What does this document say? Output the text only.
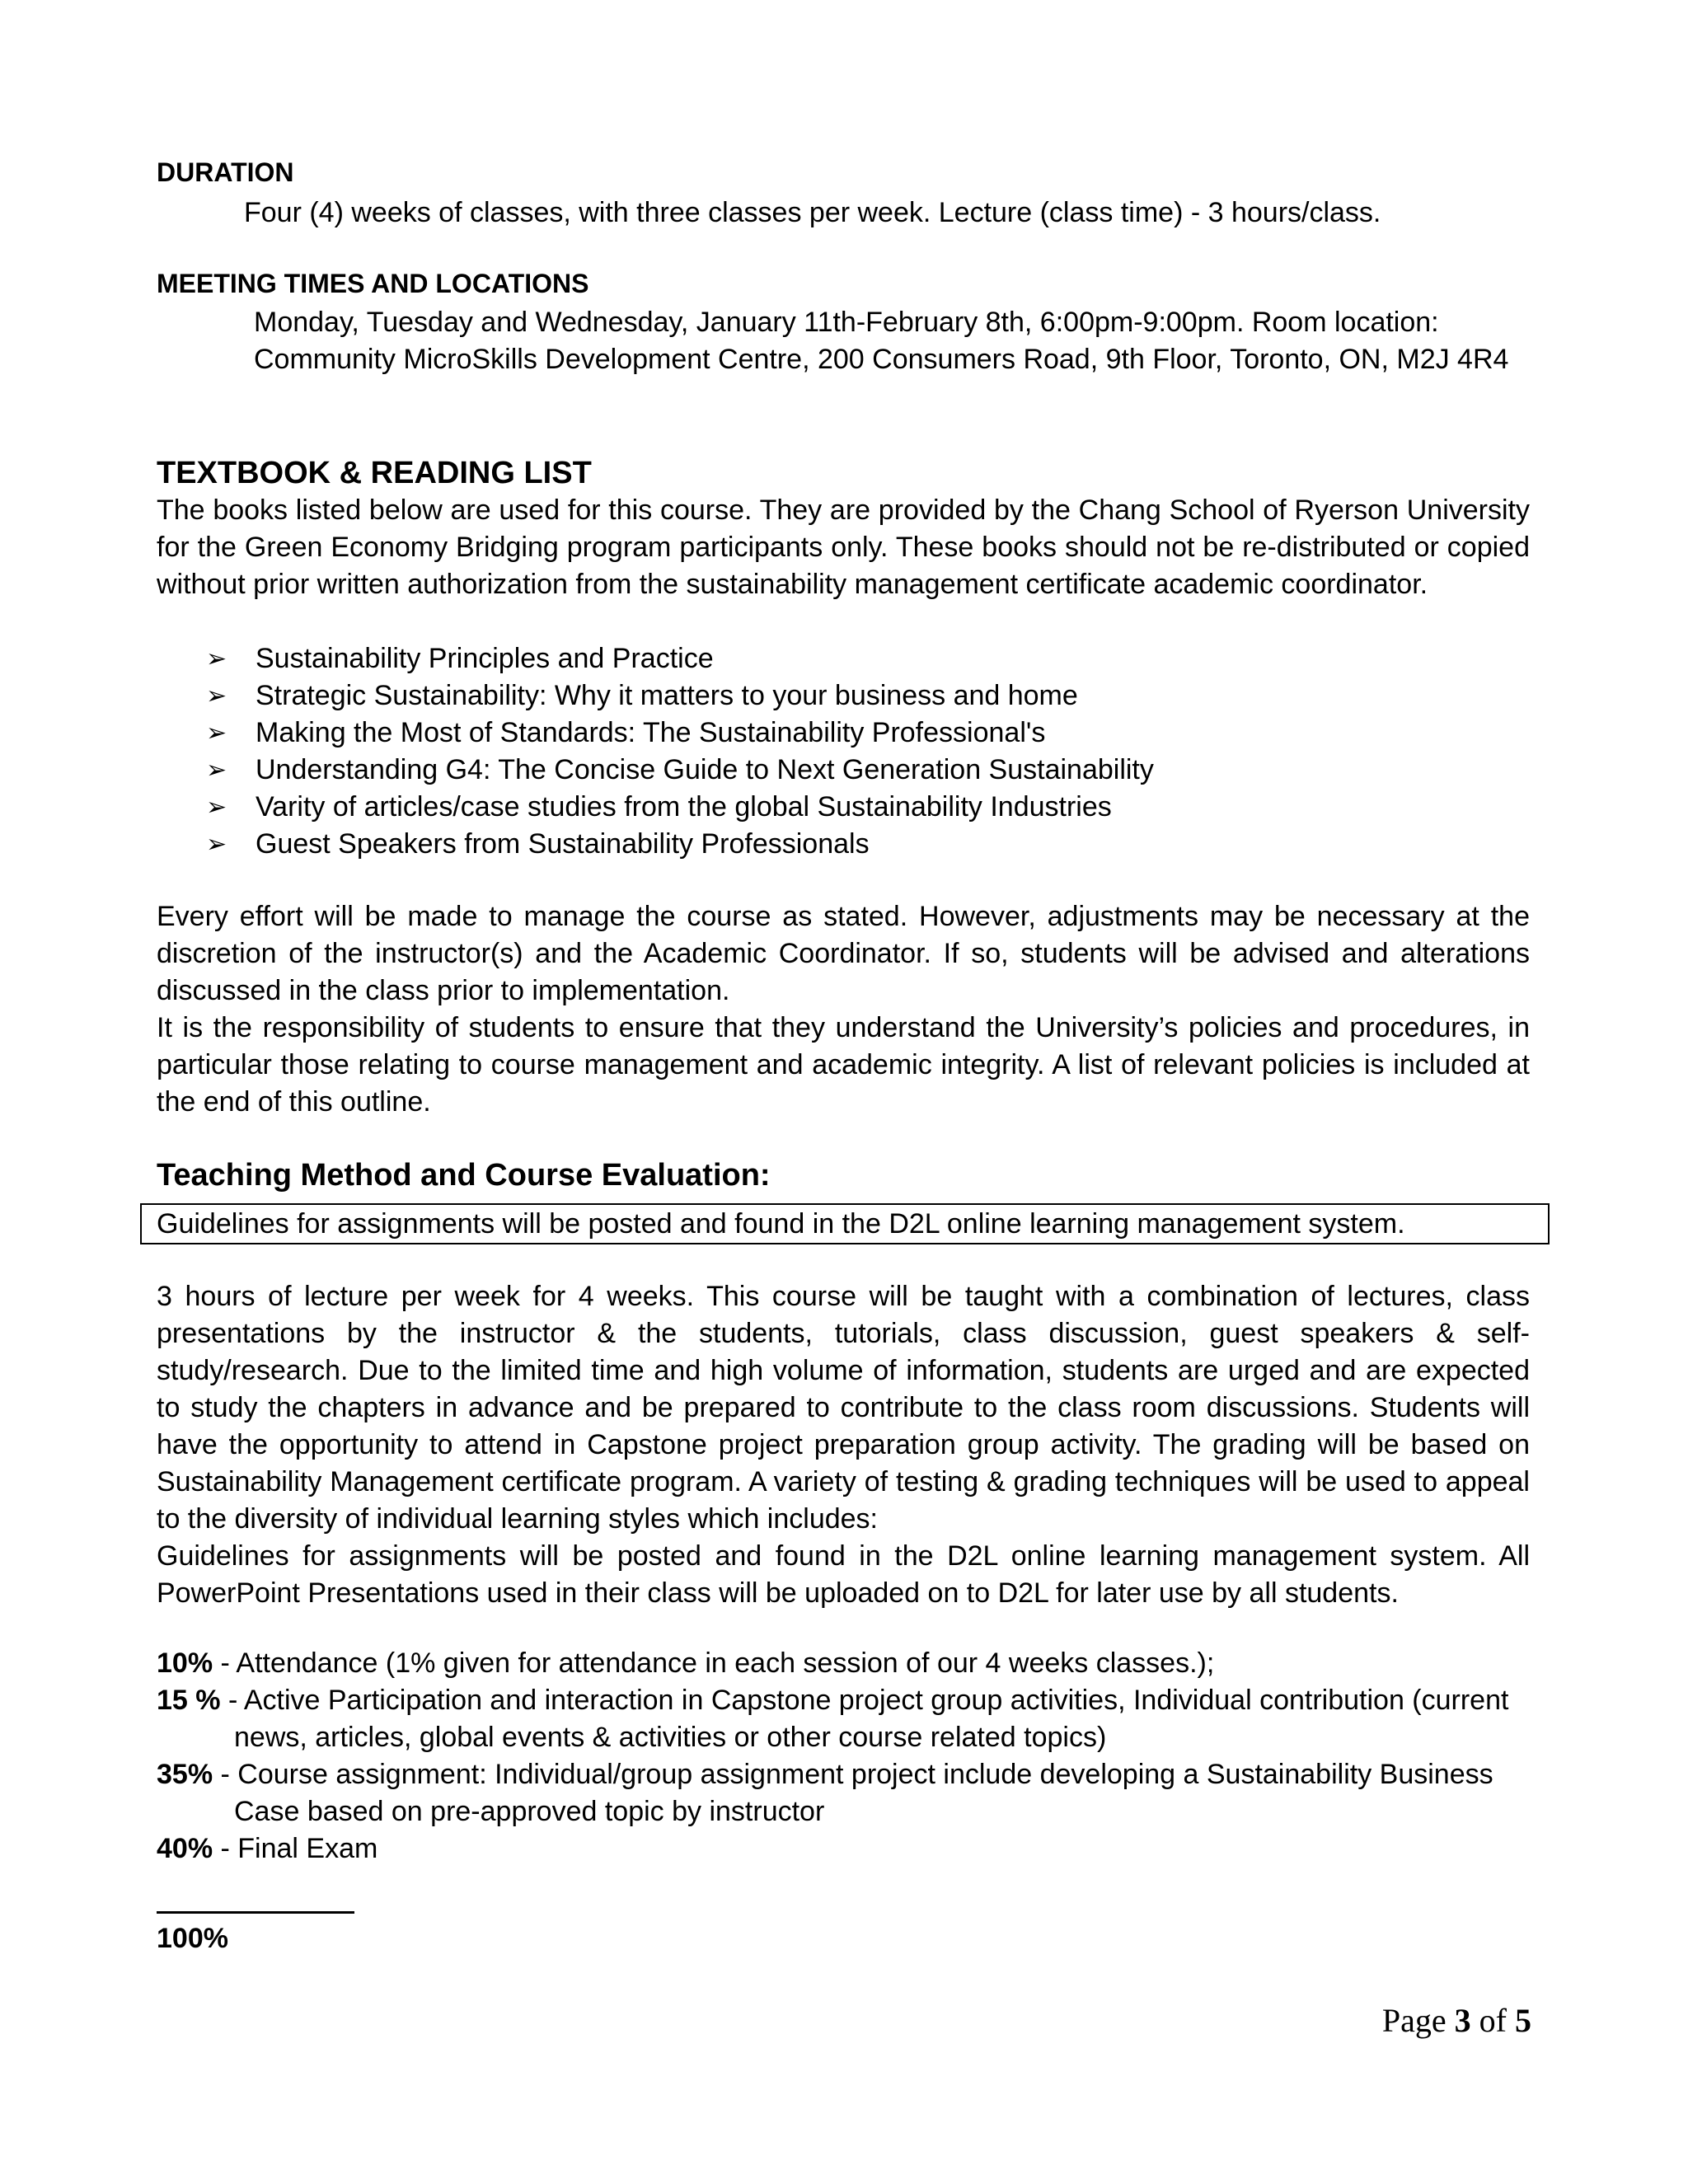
DURATION
Four (4) weeks of classes, with three classes per week. Lecture (class time) - 3 hours/class.
MEETING TIMES AND LOCATIONS
Monday, Tuesday and Wednesday, January 11th-February 8th, 6:00pm-9:00pm. Room location:
Community MicroSkills Development Centre, 200 Consumers Road, 9th Floor, Toronto, ON, M2J 4R4
TEXTBOOK & READING LIST

The books listed below are used for this course. They are provided by the Chang School of Ryerson University for the Green Economy Bridging program participants only. These books should not be re-distributed or copied without prior written authorization from the sustainability management certificate academic coordinator.

➢	Sustainability Principles and Practice
➢	Strategic Sustainability: Why it matters to your business and home
➢	Making the Most of Standards: The Sustainability Professional's
➢	Understanding G4: The Concise Guide to Next Generation Sustainability
➢	Varity of articles/case studies from the global Sustainability Industries
➢	Guest Speakers from Sustainability Professionals

Every effort will be made to manage the course as stated. However, adjustments may be necessary at the discretion of the instructor(s) and the Academic Coordinator. If so, students will be advised and alterations discussed in the class prior to implementation.

It is the responsibility of students to ensure that they understand the University’s policies and procedures, in particular those relating to course management and academic integrity. A list of relevant policies is included at the end of this outline.

Teaching Method and Course Evaluation:
Guidelines for assignments will be posted and found in the D2L online learning management system.

3 hours of lecture per week for 4 weeks. This course will be taught with a combination of lectures, class presentations by the instructor & the students, tutorials, class discussion, guest speakers & self-study/research. Due to the limited time and high volume of information, students are urged and are expected to study the chapters in advance and be prepared to contribute to the class room discussions. Students will have the opportunity to attend in Capstone project preparation group activity. The grading will be based on Sustainability Management certificate program. A variety of testing & grading techniques will be used to appeal to the diversity of individual learning styles which includes:

Guidelines for assignments will be posted and found in the D2L online learning management system. All PowerPoint Presentations used in their class will be uploaded on to D2L for later use by all students.

10% - Attendance (1% given for attendance in each session of our 4 weeks classes.);
15 % - Active Participation and interaction in Capstone project group activities, Individual contribution (current
news, articles, global events & activities or other course related topics)
35% - Course assignment: Individual/group assignment project include developing a Sustainability Business
Case based on pre-approved topic by instructor
40% - Final Exam
100%
Page 3 of 5
